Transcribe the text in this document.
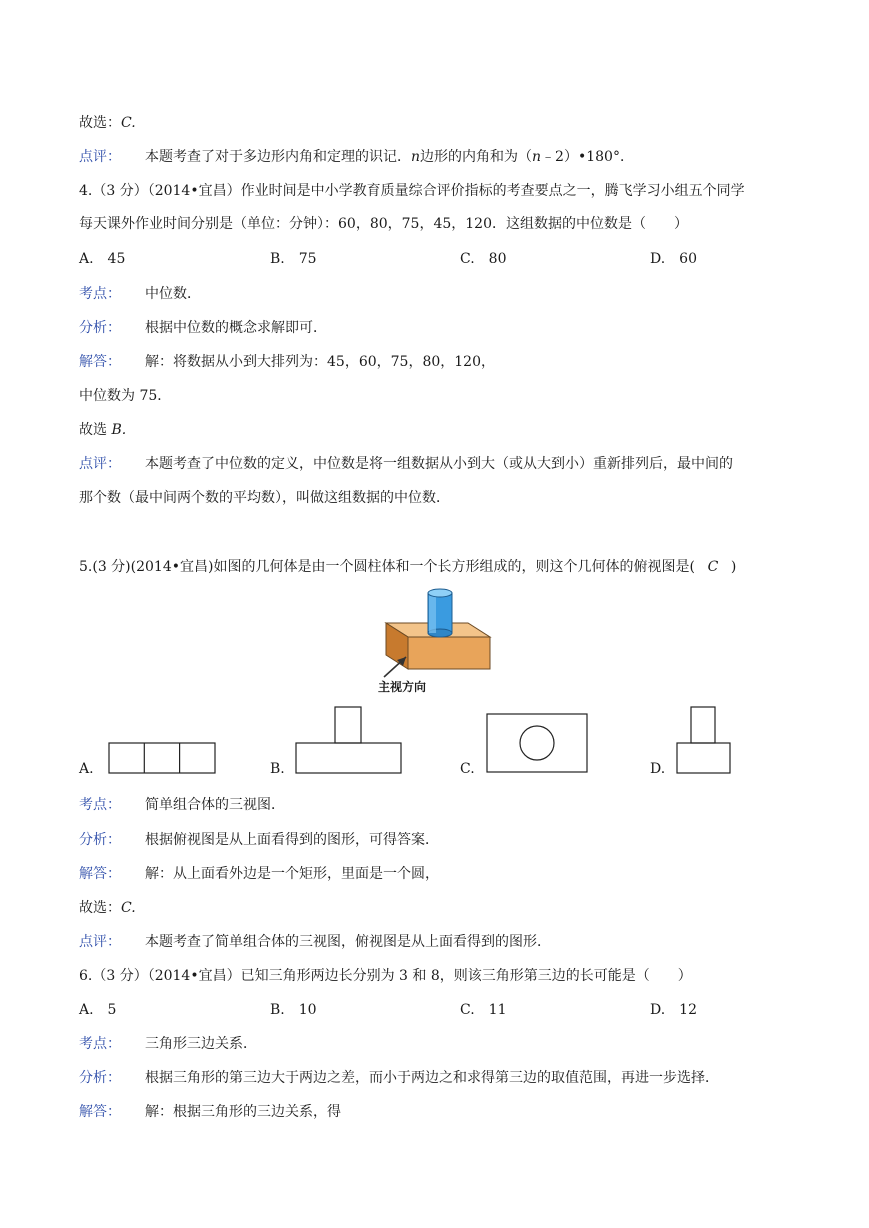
故选：C.
点评： 本题考查了对于多边形内角和定理的识记．n边形的内角和为（n﹣2）•180°．
4.（3 分）（2014•宜昌）作业时间是中小学教育质量综合评价指标的考查要点之一，腾飞学习小组五个同学
每天课外作业时间分别是（单位：分钟）：60，80，75，45，120．这组数据的中位数是（　　）
A.　45	B.　75	C.　80	D.　60
考点： 中位数．
分析： 根据中位数的概念求解即可．
解答： 解：将数据从小到大排列为：45，60，75，80，120，
中位数为 75．
故选 B.
点评： 本题考查了中位数的定义，中位数是将一组数据从小到大（或从大到小）重新排列后，最中间的
那个数（最中间两个数的平均数），叫做这组数据的中位数．
5.(3 分)(2014•宜昌)如图的几何体是由一个圆柱体和一个长方形组成的，则这个几何体的俯视图是( C )
主视方向
A.	B.	C.	D.
考点： 简单组合体的三视图．
分析： 根据俯视图是从上面看得到的图形，可得答案．
解答： 解：从上面看外边是一个矩形，里面是一个圆，
故选：C.
点评： 本题考查了简单组合体的三视图，俯视图是从上面看得到的图形．
6.（3 分）（2014•宜昌）已知三角形两边长分别为 3 和 8，则该三角形第三边的长可能是（　　）
A.　5	B.　10	C.　11	D.　12
考点： 三角形三边关系．
分析： 根据三角形的第三边大于两边之差，而小于两边之和求得第三边的取值范围，再进一步选择．
解答： 解：根据三角形的三边关系，得
